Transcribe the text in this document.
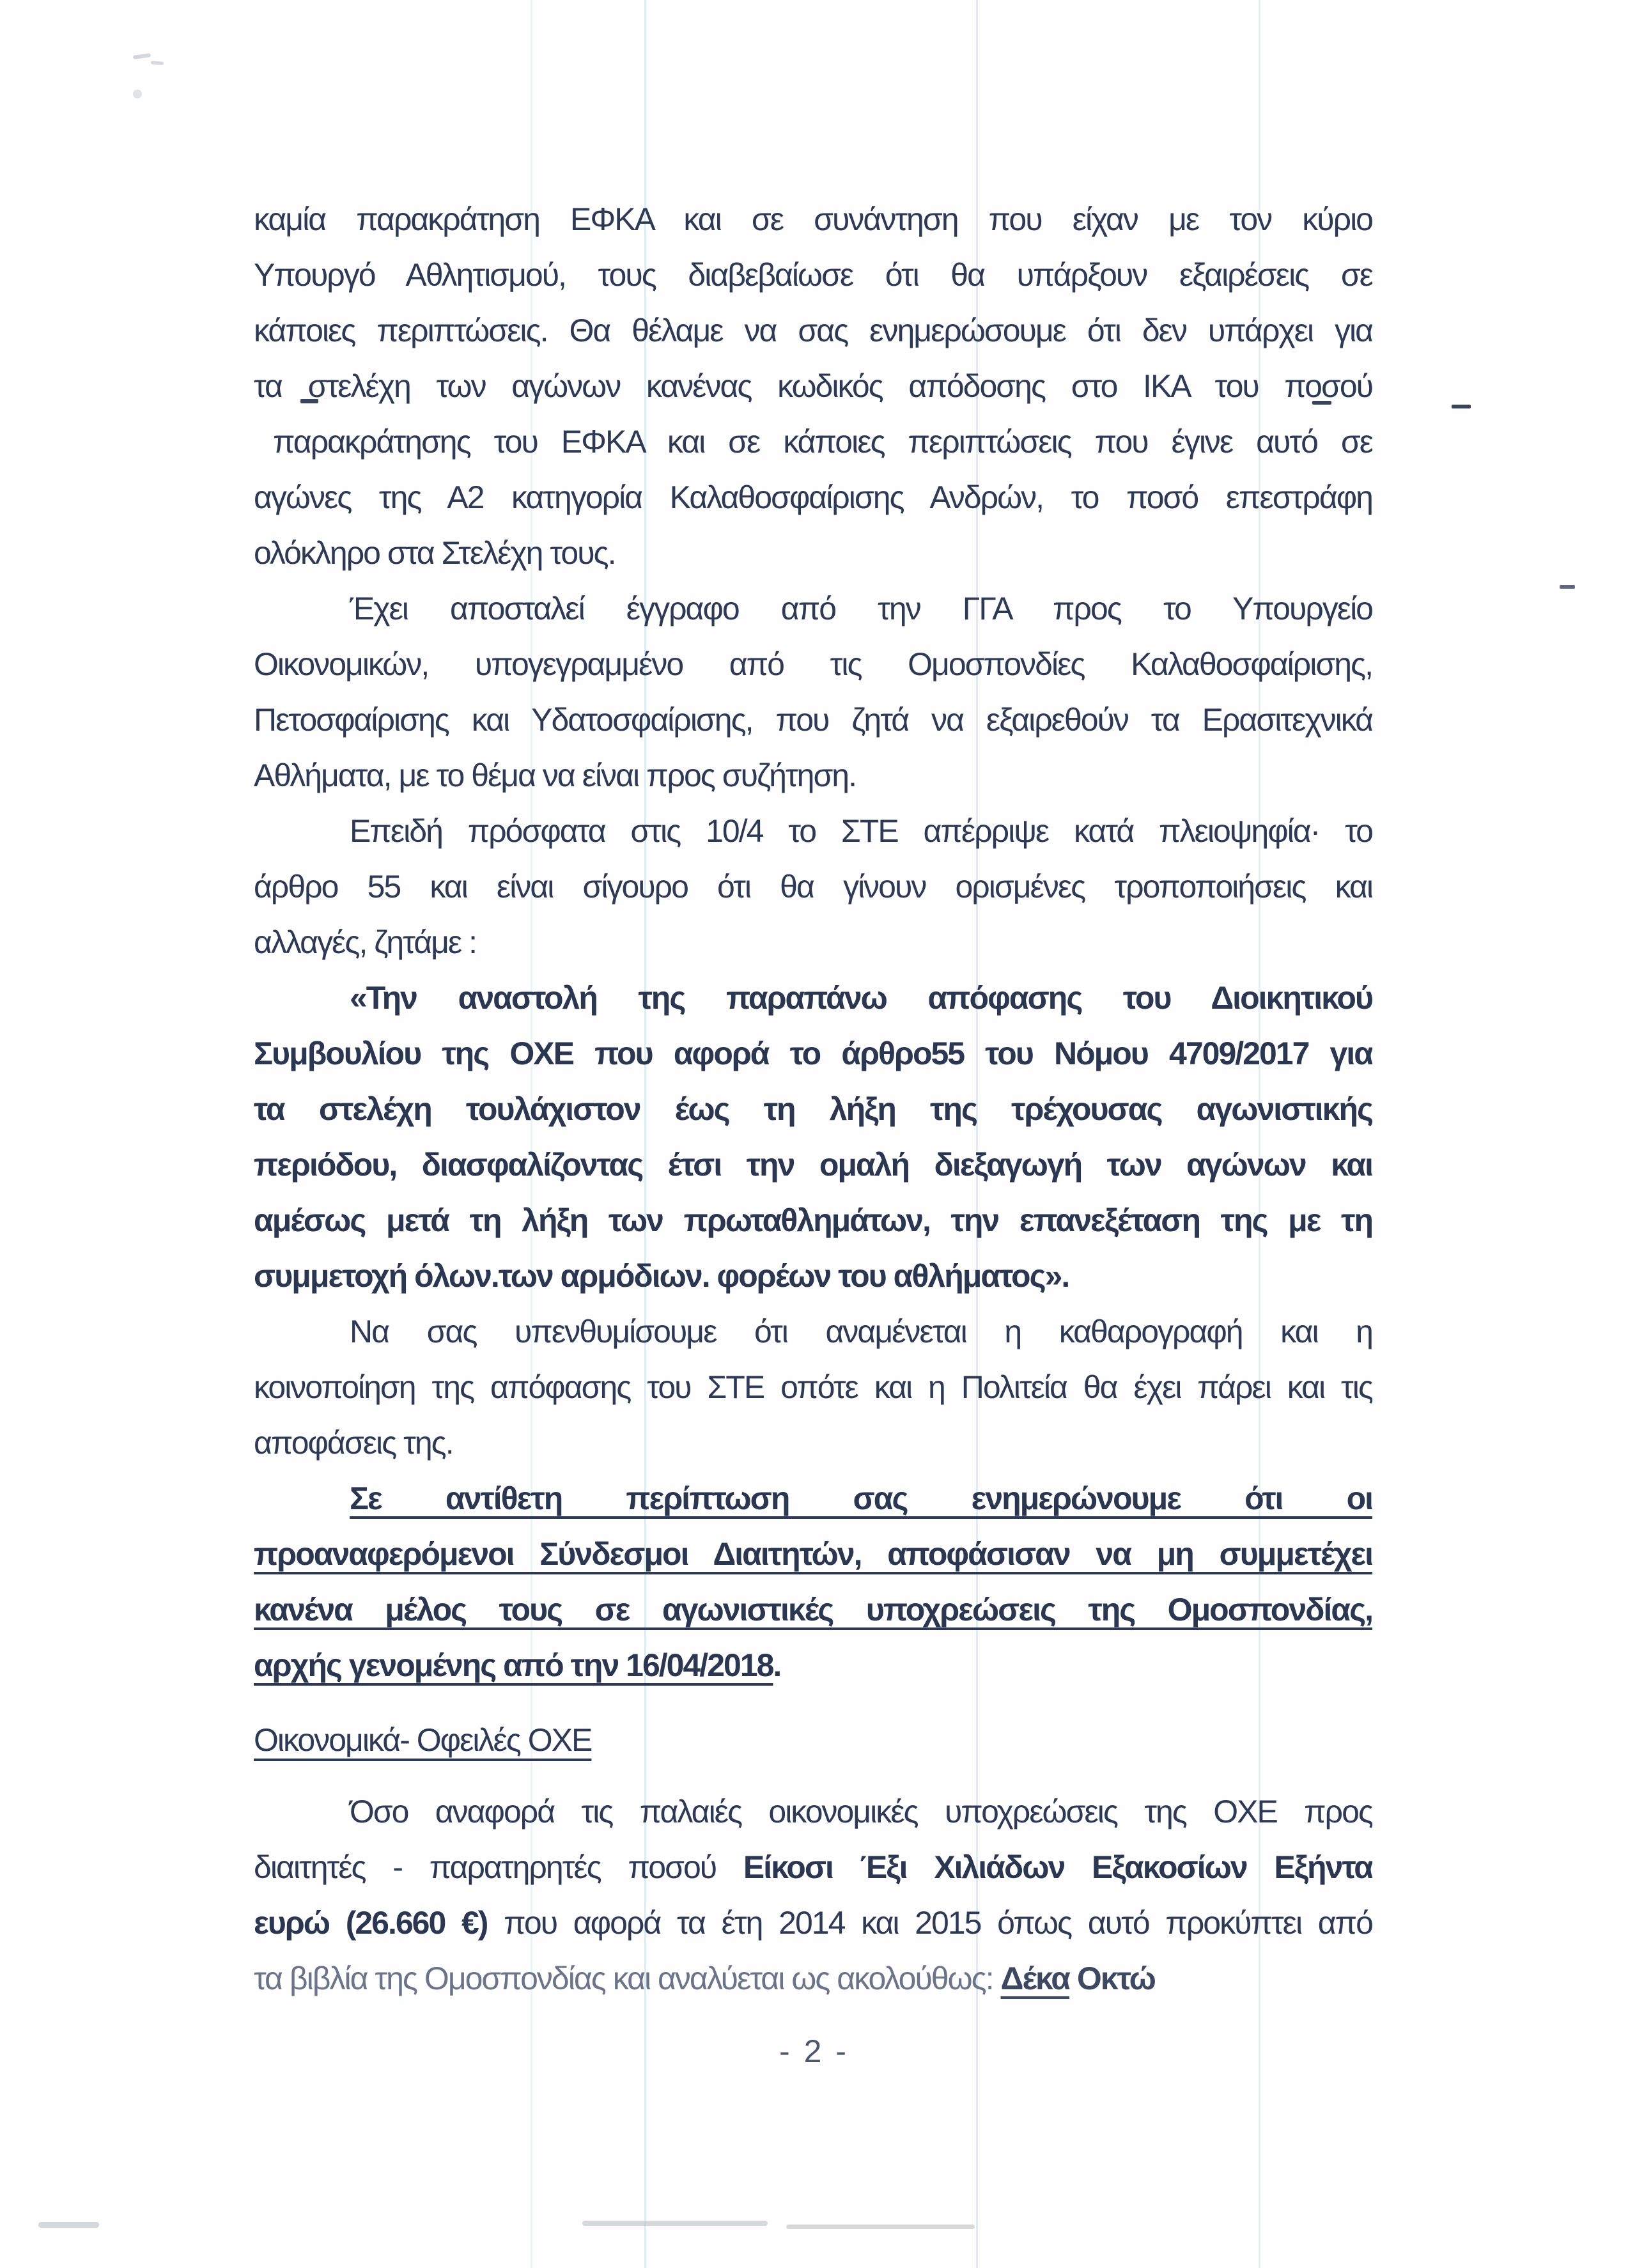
καμία παρακράτηση ΕΦΚΑ και σε συνάντηση που είχαν με τον κύριο
Υπουργό Αθλητισμού, τους διαβεβαίωσε ότι θα υπάρξουν εξαιρέσεις σε
κάποιες περιπτώσεις. Θα θέλαμε να σας ενημερώσουμε ότι δεν υπάρχει για
τα στελέχη των αγώνων κανένας κωδικός απόδοσης στο ΙΚΑ του ποσού
παρακράτησης του ΕΦΚΑ και σε κάποιες περιπτώσεις που έγινε αυτό σε
αγώνες της Α2 κατηγορία Καλαθοσφαίρισης Ανδρών, το ποσό επεστράφη
ολόκληρο στα Στελέχη τους.
Έχει αποσταλεί έγγραφο από την ΓΓΑ προς το Υπουργείο
Οικονομικών, υπογεγραμμένο από τις Ομοσπονδίες Καλαθοσφαίρισης,
Πετοσφαίρισης και Υδατοσφαίρισης, που ζητά να εξαιρεθούν τα Ερασιτεχνικά
Αθλήματα, με το θέμα να είναι προς συζήτηση.
Επειδή πρόσφατα στις 10/4 το ΣΤΕ απέρριψε κατά πλειοψηφία· το
άρθρο 55 και είναι σίγουρο ότι θα γίνουν ορισμένες τροποποιήσεις και
αλλαγές, ζητάμε :
«Την αναστολή της παραπάνω απόφασης του Διοικητικού
Συμβουλίου της ΟΧΕ που αφορά το άρθρο55 του Νόμου 4709/2017 για
τα στελέχη τουλάχιστον έως τη λήξη της τρέχουσας αγωνιστικής
περιόδου, διασφαλίζοντας έτσι την ομαλή διεξαγωγή των αγώνων και
αμέσως μετά τη λήξη των πρωταθλημάτων, την επανεξέταση της με τη
συμμετοχή όλων.των αρμόδιων. φορέων του αθλήματος».
Να σας υπενθυμίσουμε ότι αναμένεται η καθαρογραφή και η
κοινοποίηση της απόφασης του ΣΤΕ οπότε και η Πολιτεία θα έχει πάρει και τις
αποφάσεις της.
Σε αντίθετη περίπτωση σας ενημερώνουμε ότι οι
προαναφερόμενοι Σύνδεσμοι Διαιτητών, αποφάσισαν να μη συμμετέχει
κανένα μέλος τους σε αγωνιστικές υποχρεώσεις της Ομοσπονδίας,
αρχής γενομένης από την 16/04/2018.
Οικονομικά- Οφειλές ΟΧΕ
Όσο αναφορά τις παλαιές οικονομικές υποχρεώσεις της ΟΧΕ προς
διαιτητές - παρατηρητές ποσού Είκοσι Έξι Χιλιάδων Εξακοσίων Εξήντα
ευρώ (26.660 €) που αφορά τα έτη 2014 και 2015 όπως αυτό προκύπτει από
τα βιβλία της Ομοσπονδίας και αναλύεται ως ακολούθως: Δέκα Οκτώ
- 2 -
